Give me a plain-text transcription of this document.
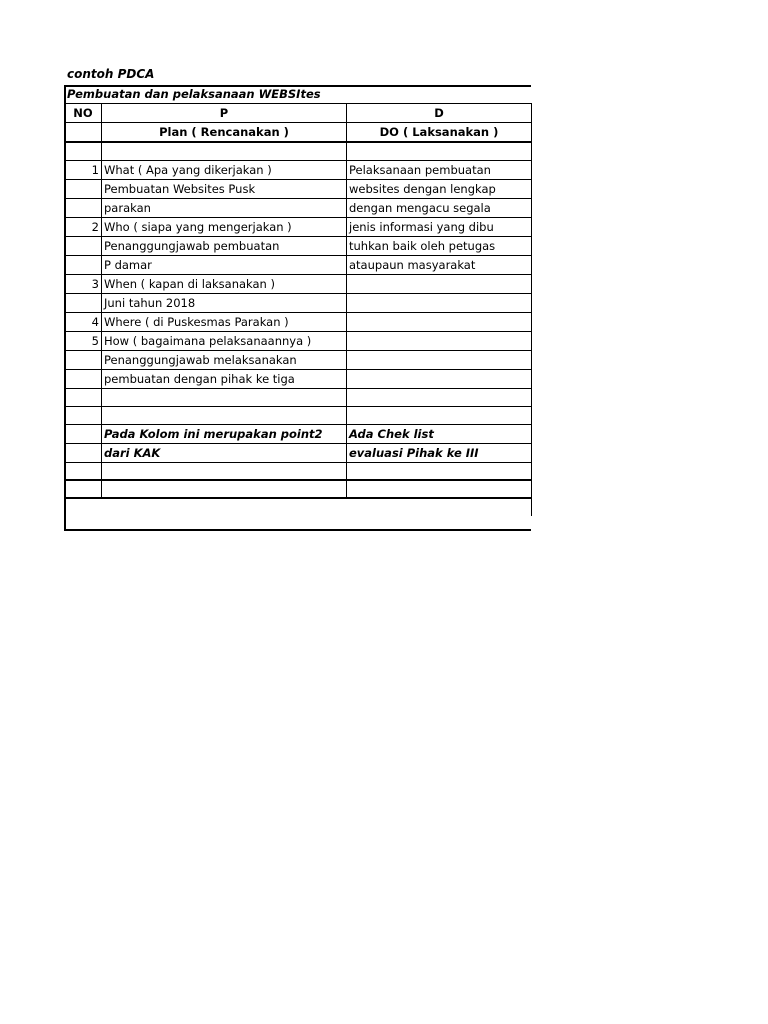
contoh PDCA
Pembuatan dan pelaksanaan WEBSItes		
NO	P	D
	Plan ( Rencanakan )	DO ( Laksanakan )

1	What ( Apa yang dikerjakan )	Pelaksanaan pembuatan
	Pembuatan Websites Pusk	websites dengan lengkap
	parakan	dengan mengacu segala
2	Who ( siapa yang mengerjakan )	jenis informasi yang dibu
	Penanggungjawab pembuatan	tuhkan baik oleh petugas
	P damar	ataupaun masyarakat
3	When ( kapan di laksanakan )	
	Juni tahun 2018	
4	Where ( di Puskesmas Parakan )	
5	How ( bagaimana pelaksanaannya )	
	Penanggungjawab melaksanakan	
	pembuatan dengan pihak ke tiga	

	Pada Kolom ini merupakan point2	Ada Chek list
	dari KAK	evaluasi Pihak ke III
